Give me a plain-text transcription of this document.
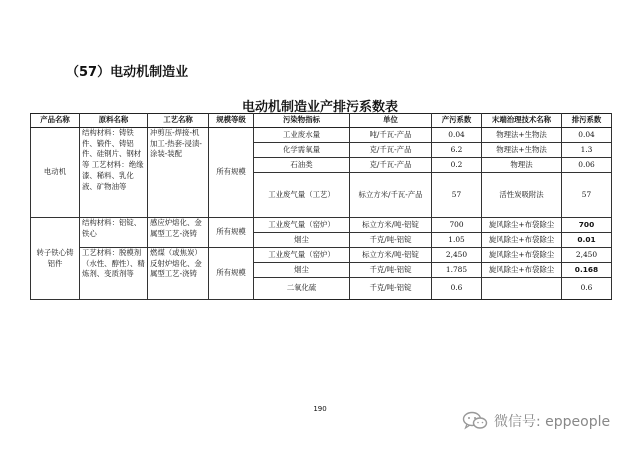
（57）电动机制造业
电动机制造业产排污系数表
产品名称	原料名称	工艺名称	规模等级	污染物指标	单位	产污系数	末端治理技术名称	排污系数
电动机	结构材料：铸铁件、锻件、铸铝件、硅钢片、钢材等 工艺材料：绝缘漆、稀料、乳化液、矿物油等	冲剪压-焊接-机加工-热套-浸渍-涂装-装配	所有规模	工业废水量	吨/千瓦-产品	0.04	物理法+生物法	0.04
				化学需氧量	克/千瓦-产品	6.2	物理法+生物法	1.3
				石油类	克/千瓦-产品	0.2	物理法	0.06
				工业废气量（工艺）	标立方米/千瓦-产品	57	活性炭吸附法	57
转子铁心铸铝件	结构材料：铝锭、铁心	感应炉熔化、金属型工艺-浇铸	所有规模	工业废气量（窑炉）	标立方米/吨-铝锭	700	旋风除尘+布袋除尘	700
				烟尘	千克/吨-铝锭	1.05	旋风除尘+布袋除尘	0.01
	工艺材料：脱模剂（水性、醇性）、精炼剂、变质剂等	燃煤（或焦炭）反射炉熔化、金属型工艺-浇铸	所有规模	工业废气量（窑炉）	标立方米/吨-铝锭	2,450	旋风除尘+布袋除尘	2,450
				烟尘	千克/吨-铝锭	1.785	旋风除尘+布袋除尘	0.168
				二氧化硫	千克/吨-铝锭	0.6		0.6
190
微信号: eppeople
